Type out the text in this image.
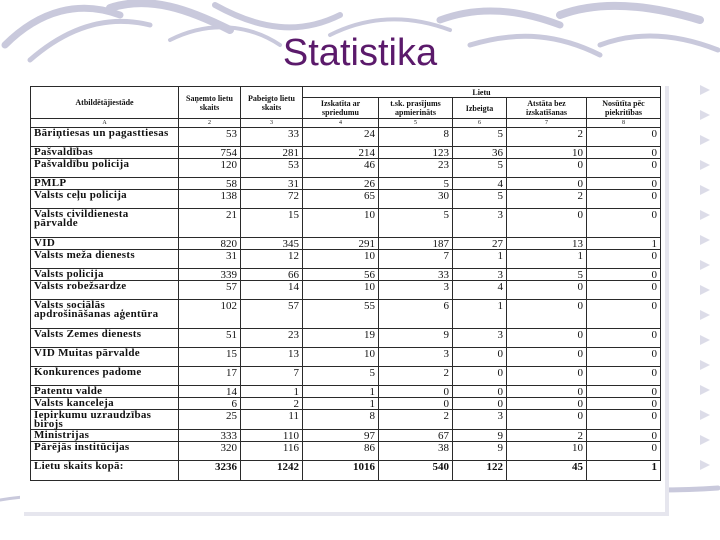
Statistika
Atbildētājiestāde	Saņemto lietu skaits	Pabeigto lietu skaits	Lietu				
			Izskatīta ar spriedumu	t.sk. prasījums apmierināts	Izbeigta	Atstāta bez izskatīšanas	Nosūtīta pēc piekritības
A	2	3	4	5	6	7	8
Bāriņtiesas un pagasttiesas	53	33	24	8	5	2	0
Pašvaldības	754	281	214	123	36	10	0
Pašvaldību policija	120	53	46	23	5	0	0
PMLP	58	31	26	5	4	0	0
Valsts ceļu policija	138	72	65	30	5	2	0
Valsts civildienesta pārvalde	21	15	10	5	3	0	0
VID	820	345	291	187	27	13	1
Valsts meža dienests	31	12	10	7	1	1	0
Valsts policija	339	66	56	33	3	5	0
Valsts robežsardze	57	14	10	3	4	0	0
Valsts sociālās apdrošināšanas aģentūra	102	57	55	6	1	0	0
Valsts Zemes dienests	51	23	19	9	3	0	0
VID Muitas pārvalde	15	13	10	3	0	0	0
Konkurences padome	17	7	5	2	0	0	0
Patentu valde	14	1	1	0	0	0	0
Valsts kanceleja	6	2	1	0	0	0	0
Iepirkumu uzraudzības birojs	25	11	8	2	3	0	0
Ministrijas	333	110	97	67	9	2	0
Pārējās institūcijas	320	116	86	38	9	10	0
Lietu skaits kopā:	3236	1242	1016	540	122	45	1
